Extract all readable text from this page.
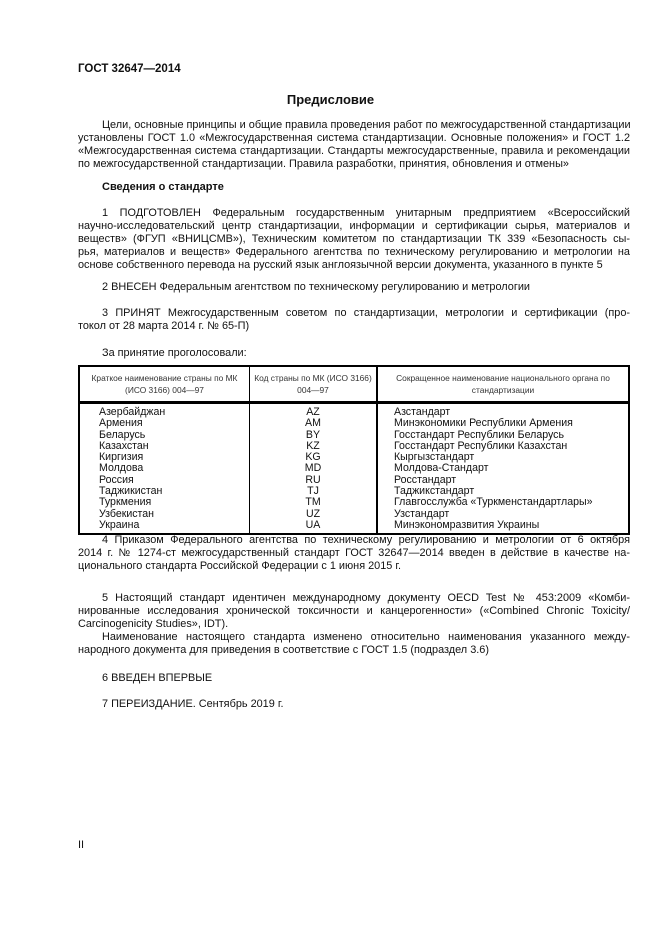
ГОСТ 32647—2014
Предисловие
Цели, основные принципы и общие правила проведения работ по межгосударственной стандартизации
установлены ГОСТ 1.0 «Межгосударственная система стандартизации. Основные положения» и ГОСТ 1.2
«Межгосударственная система стандартизации. Стандарты межгосударственные, правила и рекомендации
по межгосударственной стандартизации. Правила разработки, принятия, обновления и отмены»
Сведения о стандарте
1 ПОДГОТОВЛЕН Федеральным государственным унитарным предприятием «Всероссийский
научно-исследовательский центр стандартизации, информации и сертификации сырья, материалов и
веществ» (ФГУП «ВНИЦСМВ»), Техническим комитетом по стандартизации ТК 339 «Безопасность сы-
рья, материалов и веществ» Федерального агентства по техническому регулированию и метрологии на
основе собственного перевода на русский язык англоязычной версии документа, указанного в пункте 5
2 ВНЕСЕН Федеральным агентством по техническому регулированию и метрологии
3 ПРИНЯТ Межгосударственным советом по стандартизации, метрологии и сертификации (про-
токол от 28 марта 2014 г. № 65-П)
За принятие проголосовали:
Краткое наименование страны по МК (ИСО 3166) 004—97	Код страны по МК (ИСО 3166) 004—97	Сокращенное наименование национального органа по стандартизации
Азербайджан	AZ	Азстандарт
Армения	AM	Минэкономики Республики Армения
Беларусь	BY	Госстандарт Республики Беларусь
Казахстан	KZ	Госстандарт Республики Казахстан
Киргизия	KG	Кыргызстандарт
Молдова	MD	Молдова-Стандарт
Россия	RU	Росстандарт
Таджикистан	TJ	Таджикстандарт
Туркмения	TM	Главгосслужба «Туркменстандартлары»
Узбекистан	UZ	Узстандарт
Украина	UA	Минэкономразвития Украины
4 Приказом Федерального агентства по техническому регулированию и метрологии от 6 октября
2014 г. № 1274-ст межгосударственный стандарт ГОСТ 32647—2014 введен в действие в качестве на-
ционального стандарта Российской Федерации с 1 июня 2015 г.
5 Настоящий стандарт идентичен международному документу OECD Test № 453:2009 «Комби-
нированные исследования хронической токсичности и канцерогенности» («Combined Chronic Toxicity/
Carcinogenicity Studies», IDT).
Наименование настоящего стандарта изменено относительно наименования указанного между-
народного документа для приведения в соответствие с ГОСТ 1.5 (подраздел 3.6)
6 ВВЕДЕН ВПЕРВЫЕ
7 ПЕРЕИЗДАНИЕ. Сентябрь 2019 г.
II
